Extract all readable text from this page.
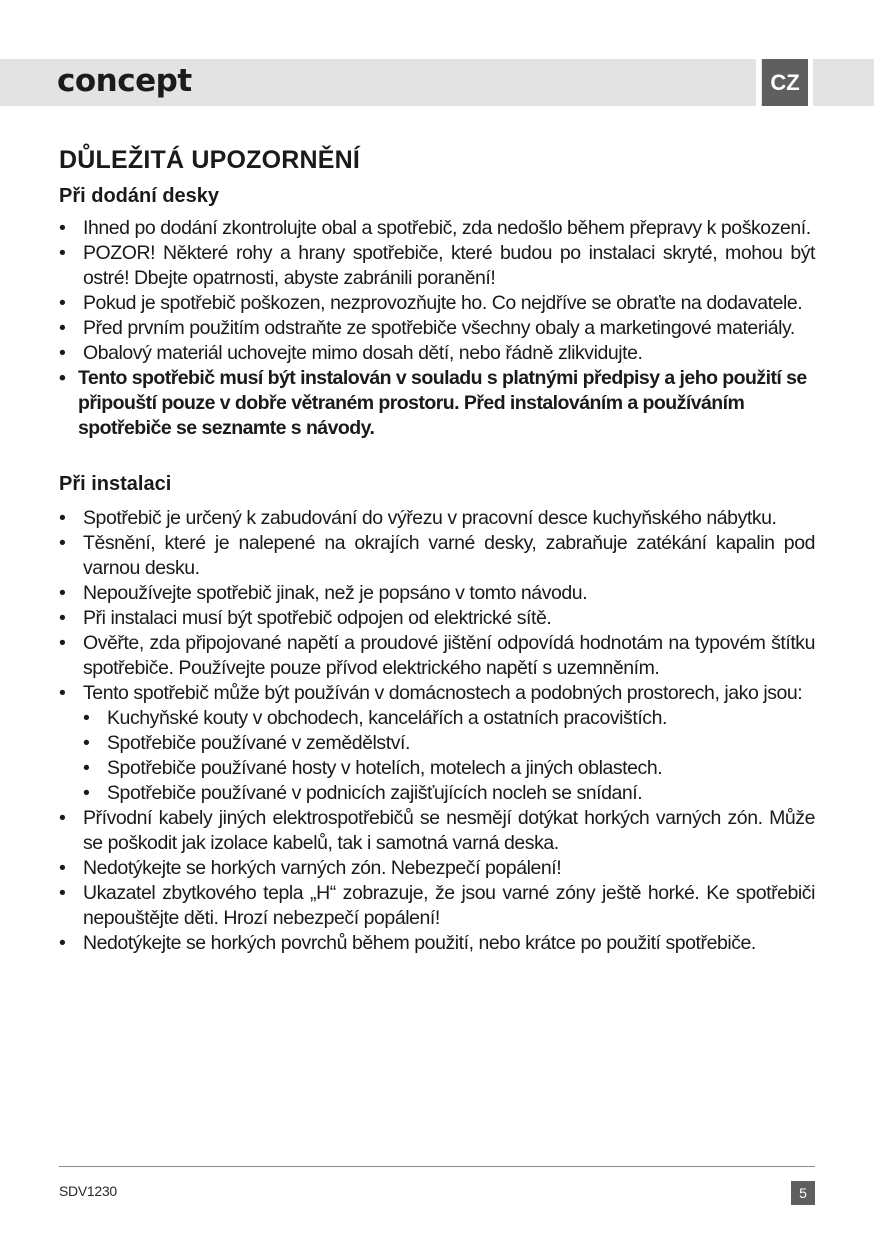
concept	CZ
DŮLEŽITÁ UPOZORNĚNÍ
Při dodání desky
• Ihned po dodání zkontrolujte obal a spotřebič, zda nedošlo během přepravy k poškození.
• POZOR! Některé rohy a hrany spotřebiče, které budou po instalaci skryté, mohou být ostré! Dbejte opatrnosti, abyste zabránili poranění!
• Pokud je spotřebič poškozen, nezprovozňujte ho. Co nejdříve se obraťte na dodavatele.
• Před prvním použitím odstraňte ze spotřebiče všechny obaly a marketingové materiály.
• Obalový materiál uchovejte mimo dosah dětí, nebo řádně zlikvidujte.
• Tento spotřebič musí být instalován v souladu s platnými předpisy a jeho použití se připouští pouze v dobře větraném prostoru. Před instalováním a používáním spotřebiče se seznamte s návody.
Při instalaci
• Spotřebič je určený k zabudování do výřezu v pracovní desce kuchyňského nábytku.
• Těsnění, které je nalepené na okrajích varné desky, zabraňuje zatékání kapalin pod varnou desku.
• Nepoužívejte spotřebič jinak, než je popsáno v tomto návodu.
• Při instalaci musí být spotřebič odpojen od elektrické sítě.
• Ověřte, zda připojované napětí a proudové jištění odpovídá hodnotám na typovém štítku spotřebiče. Používejte pouze přívod elektrického napětí s uzemněním.
• Tento spotřebič může být používán v domácnostech a podobných prostorech, jako jsou:
• Kuchyňské kouty v obchodech, kancelářích a ostatních pracovištích.
• Spotřebiče používané v zemědělství.
• Spotřebiče používané hosty v hotelích, motelech a jiných oblastech.
• Spotřebiče používané v podnicích zajišťujících nocleh se snídaní.
• Přívodní kabely jiných elektrospotřebičů se nesmějí dotýkat horkých varných zón. Může se poškodit jak izolace kabelů, tak i samotná varná deska.
• Nedotýkejte se horkých varných zón. Nebezpečí popálení!
• Ukazatel zbytkového tepla „H“ zobrazuje, že jsou varné zóny ještě horké. Ke spotřebiči nepouštějte děti. Hrozí nebezpečí popálení!
• Nedotýkejte se horkých povrchů během použití, nebo krátce po použití spotřebiče.
SDV1230	5
